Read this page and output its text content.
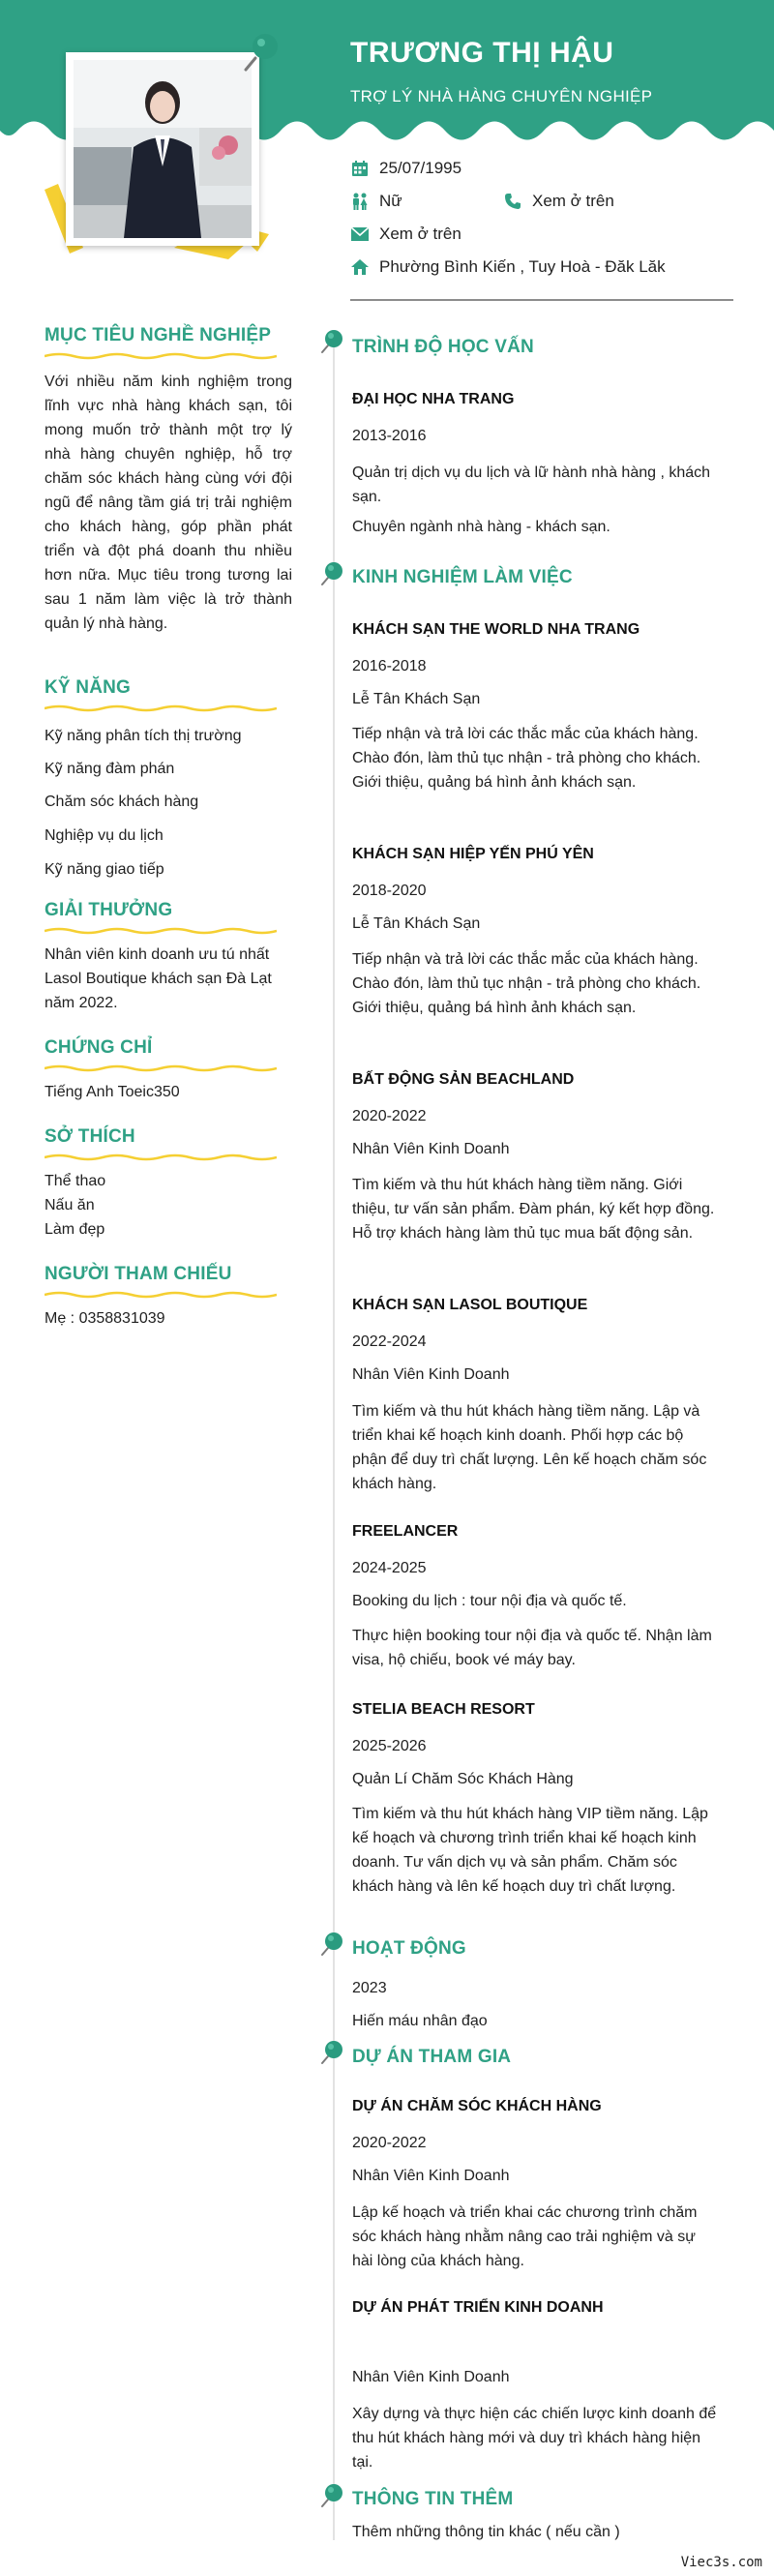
TRƯƠNG THỊ HẬU
TRỢ LÝ NHÀ HÀNG CHUYÊN NGHIỆP
25/07/1995
Nữ	Xem ở trên
Xem ở trên
Phường Bình Kiến , Tuy Hoà - Đăk Lăk
MỤC TIÊU NGHỀ NGHIỆP
Với nhiều năm kinh nghiệm trong lĩnh vực nhà hàng khách sạn, tôi mong muốn trở thành một trợ lý nhà hàng chuyên nghiệp, hỗ trợ chăm sóc khách hàng cùng với đội ngũ để nâng tầm giá trị trải nghiệm cho khách hàng, góp phần phát triển và đột phá doanh thu nhiều hơn nữa. Mục tiêu trong tương lai sau 1 năm làm việc là trở thành quản lý nhà hàng.
KỸ NĂNG
Kỹ năng phân tích thị trường
Kỹ năng đàm phán
Chăm sóc khách hàng
Nghiệp vụ du lịch
Kỹ năng giao tiếp
GIẢI THƯỞNG
Nhân viên kinh doanh ưu tú nhất Lasol Boutique khách sạn Đà Lạt năm 2022.
CHỨNG CHỈ
Tiếng Anh Toeic350
SỞ THÍCH
Thể thao
Nấu ăn
Làm đẹp
NGƯỜI THAM CHIẾU
Mẹ : 0358831039
TRÌNH ĐỘ HỌC VẤN
ĐẠI HỌC NHA TRANG
2013-2016
Quản trị dịch vụ du lịch và lữ hành nhà hàng , khách sạn.
Chuyên ngành nhà hàng - khách sạn.
KINH NGHIỆM LÀM VIỆC
KHÁCH SẠN THE WORLD NHA TRANG
2016-2018
Lễ Tân Khách Sạn
Tiếp nhận và trả lời các thắc mắc của khách hàng. Chào đón, làm thủ tục nhận - trả phòng cho khách. Giới thiệu, quảng bá hình ảnh khách sạn.
KHÁCH SẠN HIỆP YẾN PHÚ YÊN
2018-2020
Lễ Tân Khách Sạn
Tiếp nhận và trả lời các thắc mắc của khách hàng. Chào đón, làm thủ tục nhận - trả phòng cho khách. Giới thiệu, quảng bá hình ảnh khách sạn.
BẤT ĐỘNG SẢN BEACHLAND
2020-2022
Nhân Viên Kinh Doanh
Tìm kiếm và thu hút khách hàng tiềm năng. Giới thiệu, tư vấn sản phẩm. Đàm phán, ký kết hợp đồng. Hỗ trợ khách hàng làm thủ tục mua bất động sản.
KHÁCH SẠN LASOL BOUTIQUE
2022-2024
Nhân Viên Kinh Doanh
Tìm kiếm và thu hút khách hàng tiềm năng. Lập và triển khai kế hoạch kinh doanh. Phối hợp các bộ phận để duy trì chất lượng. Lên kế hoạch chăm sóc khách hàng.
FREELANCER
2024-2025
Booking du lịch : tour nội địa và quốc tế.
Thực hiện booking tour nội địa và quốc tế. Nhận làm visa, hộ chiếu, book vé máy bay.
STELIA BEACH RESORT
2025-2026
Quản Lí Chăm Sóc Khách Hàng
Tìm kiếm và thu hút khách hàng VIP tiềm năng. Lập kế hoạch và chương trình triển khai kế hoạch kinh doanh. Tư vấn dịch vụ và sản phẩm. Chăm sóc khách hàng và lên kế hoạch duy trì chất lượng.
HOẠT ĐỘNG
2023
Hiến máu nhân đạo
DỰ ÁN THAM GIA
DỰ ÁN CHĂM SÓC KHÁCH HÀNG
2020-2022
Nhân Viên Kinh Doanh
Lập kế hoạch và triển khai các chương trình chăm sóc khách hàng nhằm nâng cao trải nghiệm và sự hài lòng của khách hàng.
DỰ ÁN PHÁT TRIỂN KINH DOANH
Nhân Viên Kinh Doanh
Xây dựng và thực hiện các chiến lược kinh doanh để thu hút khách hàng mới và duy trì khách hàng hiện tại.
THÔNG TIN THÊM
Thêm những thông tin khác ( nếu cần )
Viec3s.com
